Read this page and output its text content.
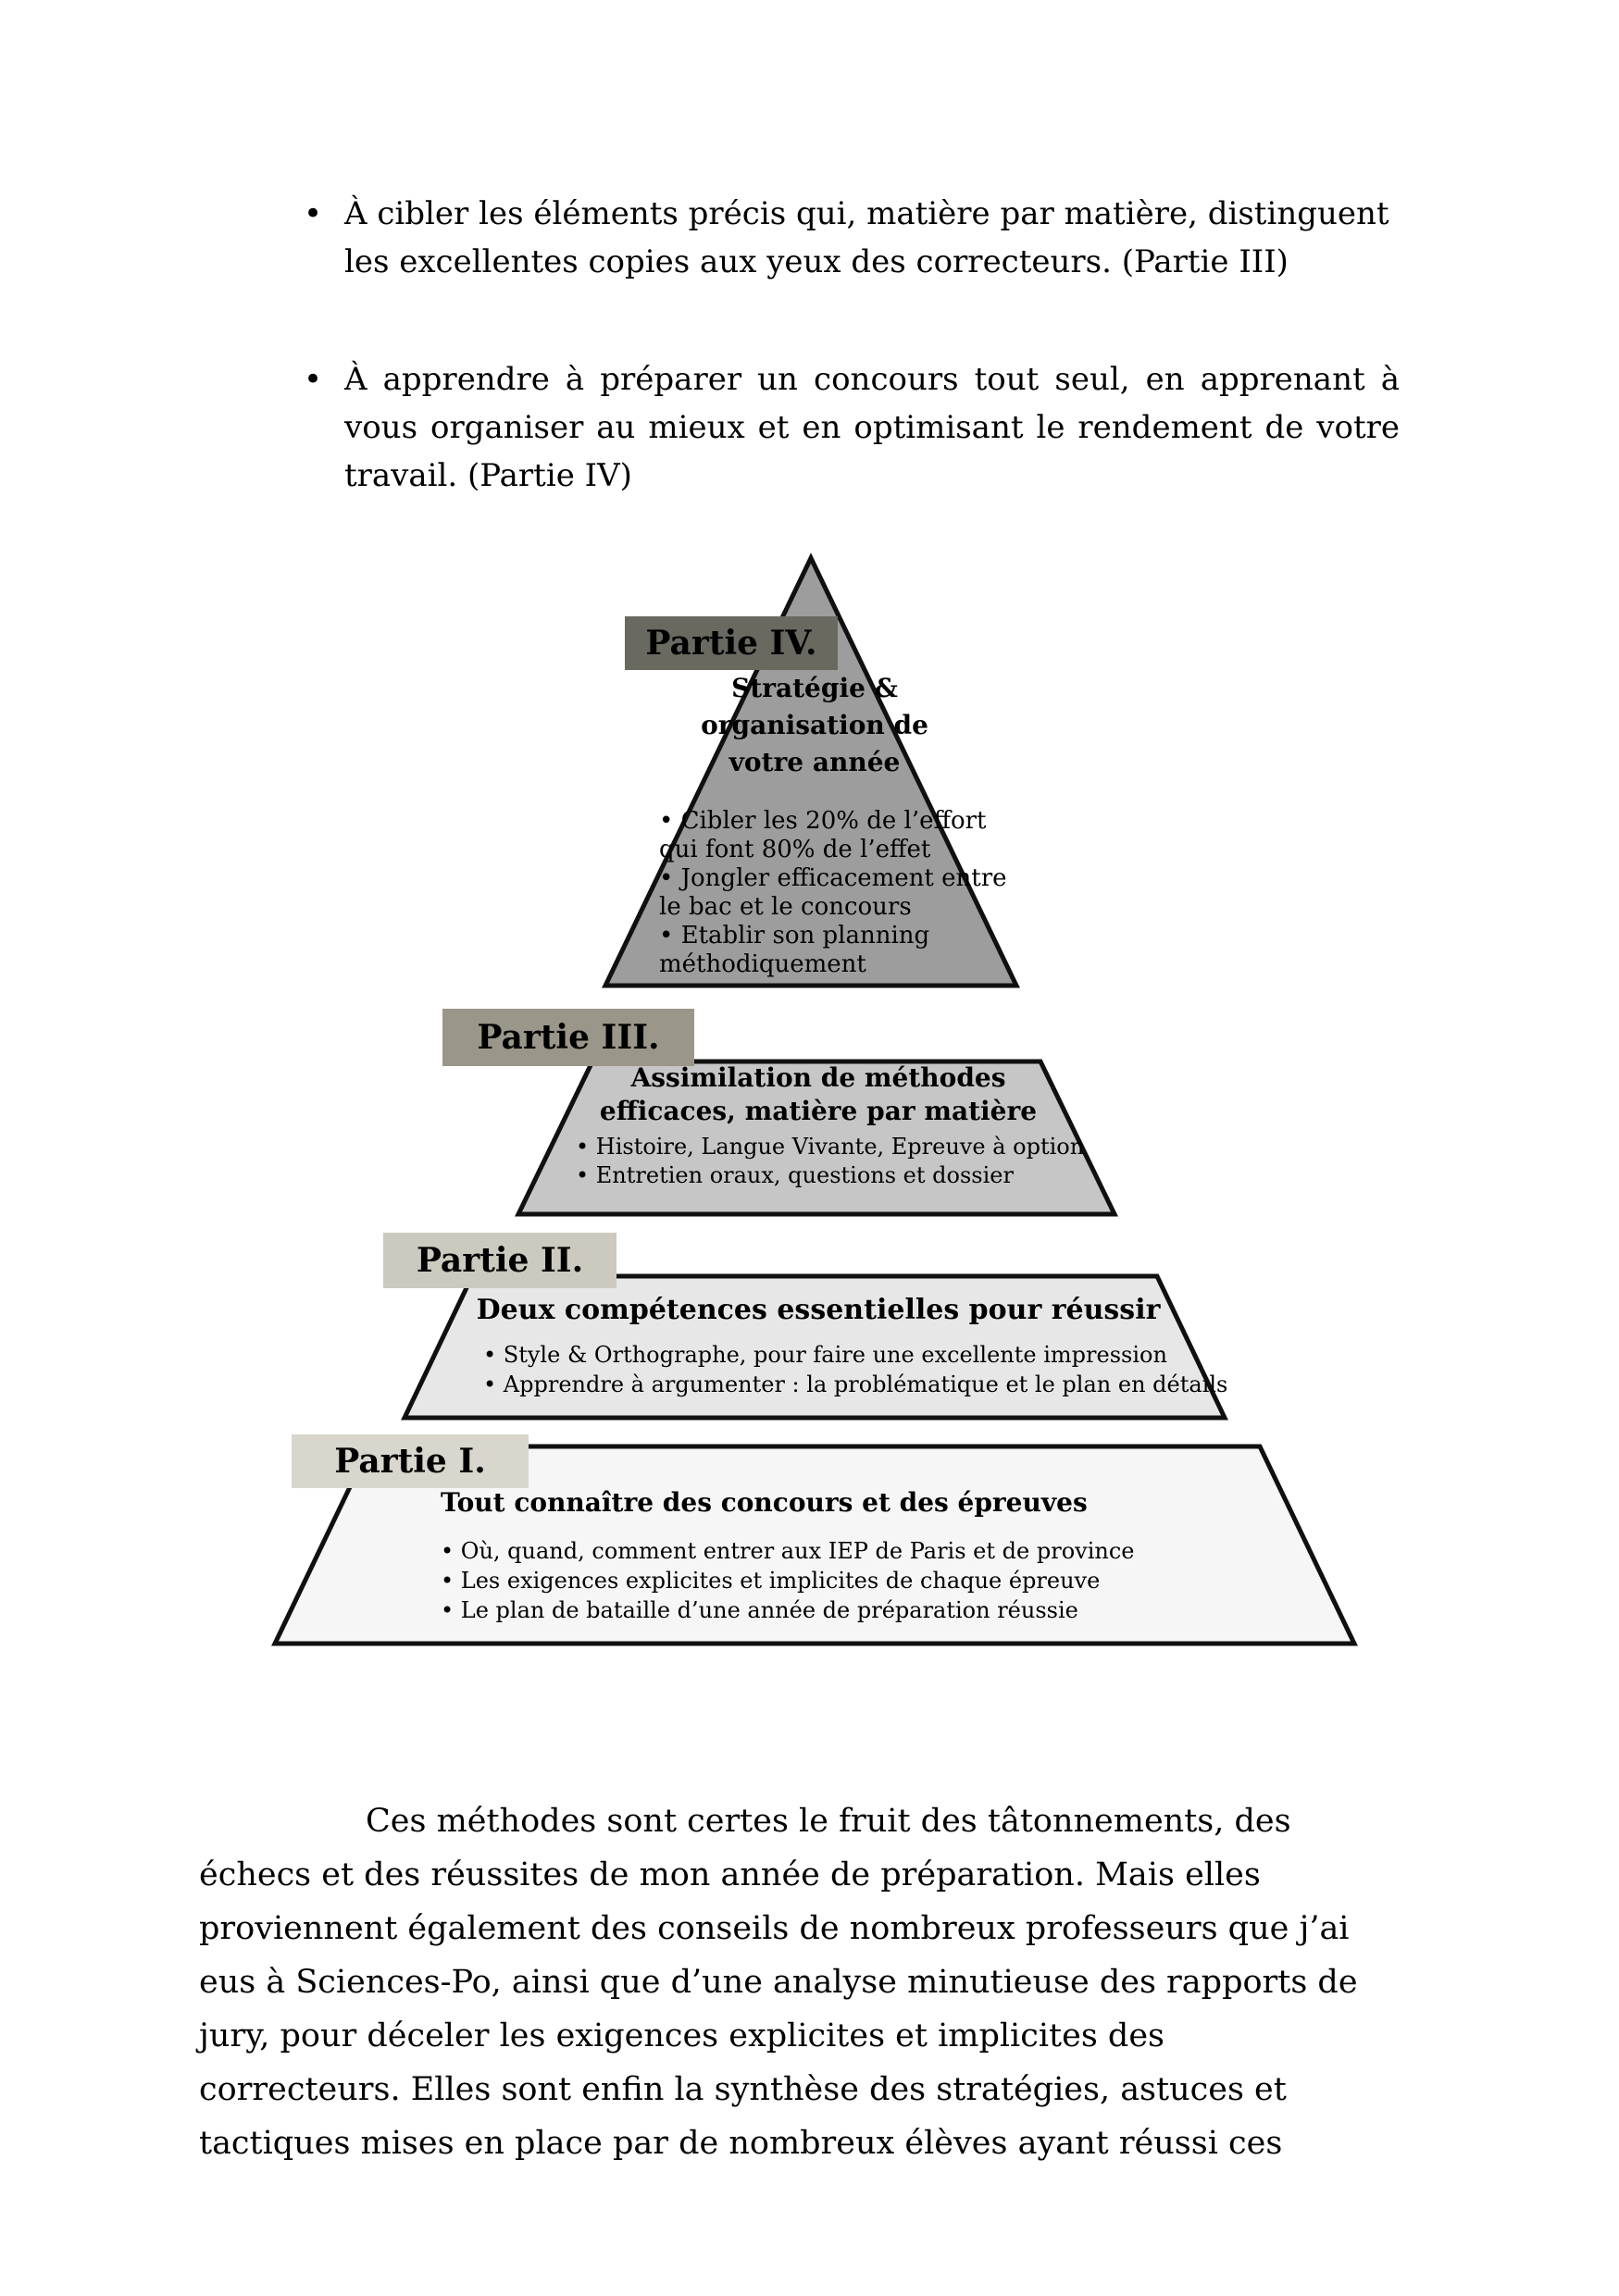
• À cibler les éléments précis qui, matière par matière, distinguent
les excellentes copies aux yeux des correcteurs. (Partie III)
• À apprendre à préparer un concours tout seul, en apprenant à
vous organiser au mieux et en optimisant le rendement de votre
travail. (Partie IV)
Partie IV.
Stratégie & organisation de votre année
• Cibler les 20% de l’effort qui font 80% de l’effet
• Jongler efficacement entre le bac et le concours
• Etablir son planning méthodiquement
Partie III.
Assimilation de méthodes efficaces, matière par matière
• Histoire, Langue Vivante, Epreuve à option
• Entretien oraux, questions et dossier
Partie II.
Deux compétences essentielles pour réussir
• Style & Orthographe, pour faire une excellente impression
• Apprendre à argumenter : la problématique et le plan en détails
Partie I.
Tout connaître des concours et des épreuves
• Où, quand, comment entrer aux IEP de Paris et de province
• Les exigences explicites et implicites de chaque épreuve
• Le plan de bataille d’une année de préparation réussie
Ces méthodes sont certes le fruit des tâtonnements, des
échecs et des réussites de mon année de préparation. Mais elles
proviennent également des conseils de nombreux professeurs que j’ai
eus à Sciences-Po, ainsi que d’une analyse minutieuse des rapports de
jury, pour déceler les exigences explicites et implicites des
correcteurs. Elles sont enfin la synthèse des stratégies, astuces et
tactiques mises en place par de nombreux élèves ayant réussi ces
